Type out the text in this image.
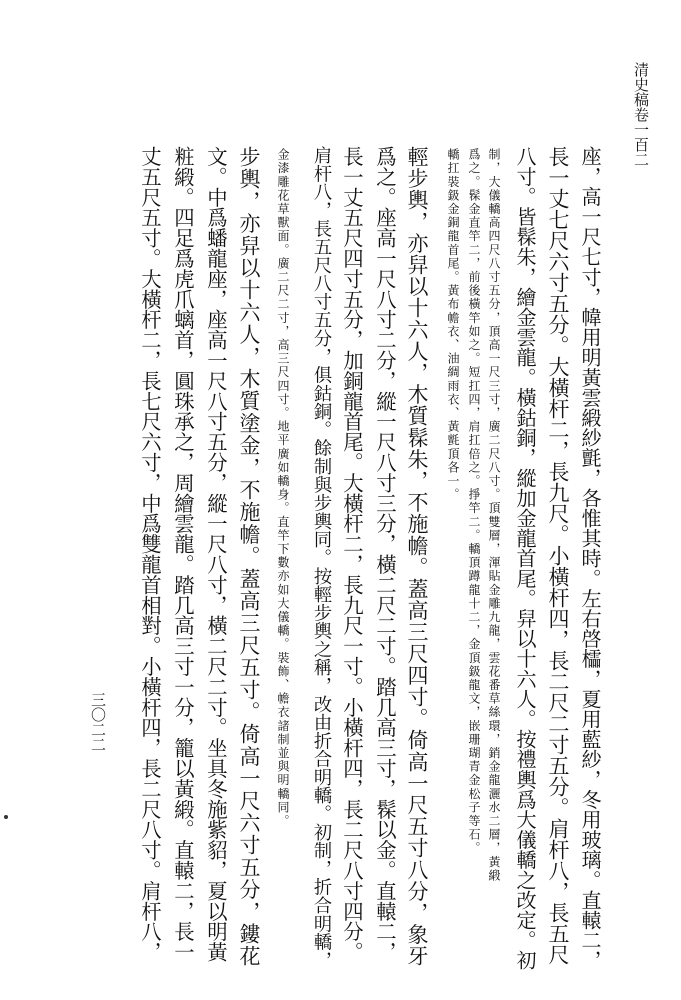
清史稿卷一百二
三〇二二	座，高一尺七寸，幃用明黃雲緞紗氈，各惟其時。左右啓櫺，夏用藍紗，冬用玻璃。直轅二，
長一丈七尺六寸五分。大橫杆二，長九尺。小橫杆四，長二尺二寸五分。肩杆八，長五尺
八寸。皆髹朱，繪金雲龍。橫鈷銅，縱加金龍首尾。舁以十六人。按禮輿爲大儀轎之改定。初
制，大儀轎高四尺八寸五分，頂高一尺三寸，廣二尺八寸。頂雙層，渾貼金雕九龍，雲花番草絲環，銷金龍灑水二層，黃緞
爲之。髹金直竿二，前後橫竿如之。短扛四，肩扛倍之。掙竿二。轎頂蹲龍十二，金頂鈒龍文，嵌珊瑚青金松子等石。
轎扛裝鈒金銅龍首尾。黃布幨衣、油綢雨衣、黃氈頂各一。
輕步輿，亦舁以十六人，木質髹朱，不施幨。蓋高三尺四寸。倚高一尺五寸八分，象牙
爲之。座高一尺八寸二分，縱一尺八寸三分，橫二尺二寸。踏几高三寸，髹以金。直轅二，
長一丈五尺四寸五分，加銅龍首尾。大橫杆二，長九尺一寸。小橫杆四，長二尺八寸四分。
肩杆八，長五尺八寸五分，俱鈷銅。餘制與步輿同。按輕步輿之稱，改由折合明轎。初制，折合明轎，
金漆雕花草獸面。廣二尺二寸，高三尺四寸。地平廣如轎身。直竿下數亦如大儀轎。裝飾、幨衣諸制並與明轎同。
步輿，亦舁以十六人，木質塗金，不施幨。蓋高三尺五寸。倚高一尺六寸五分，鏤花
文。中爲蟠龍座，座高一尺八寸五分，縱一尺八寸，橫二尺二寸。坐具冬施紫貂，夏以明黃
粧緞。四足爲虎爪螭首，圓珠承之，周繪雲龍。踏几高三寸一分，籠以黃緞。直轅二，長一
丈五尺五寸。大橫杆二，長七尺六寸，中爲雙龍首相對。小橫杆四，長二尺八寸。肩杆八，
